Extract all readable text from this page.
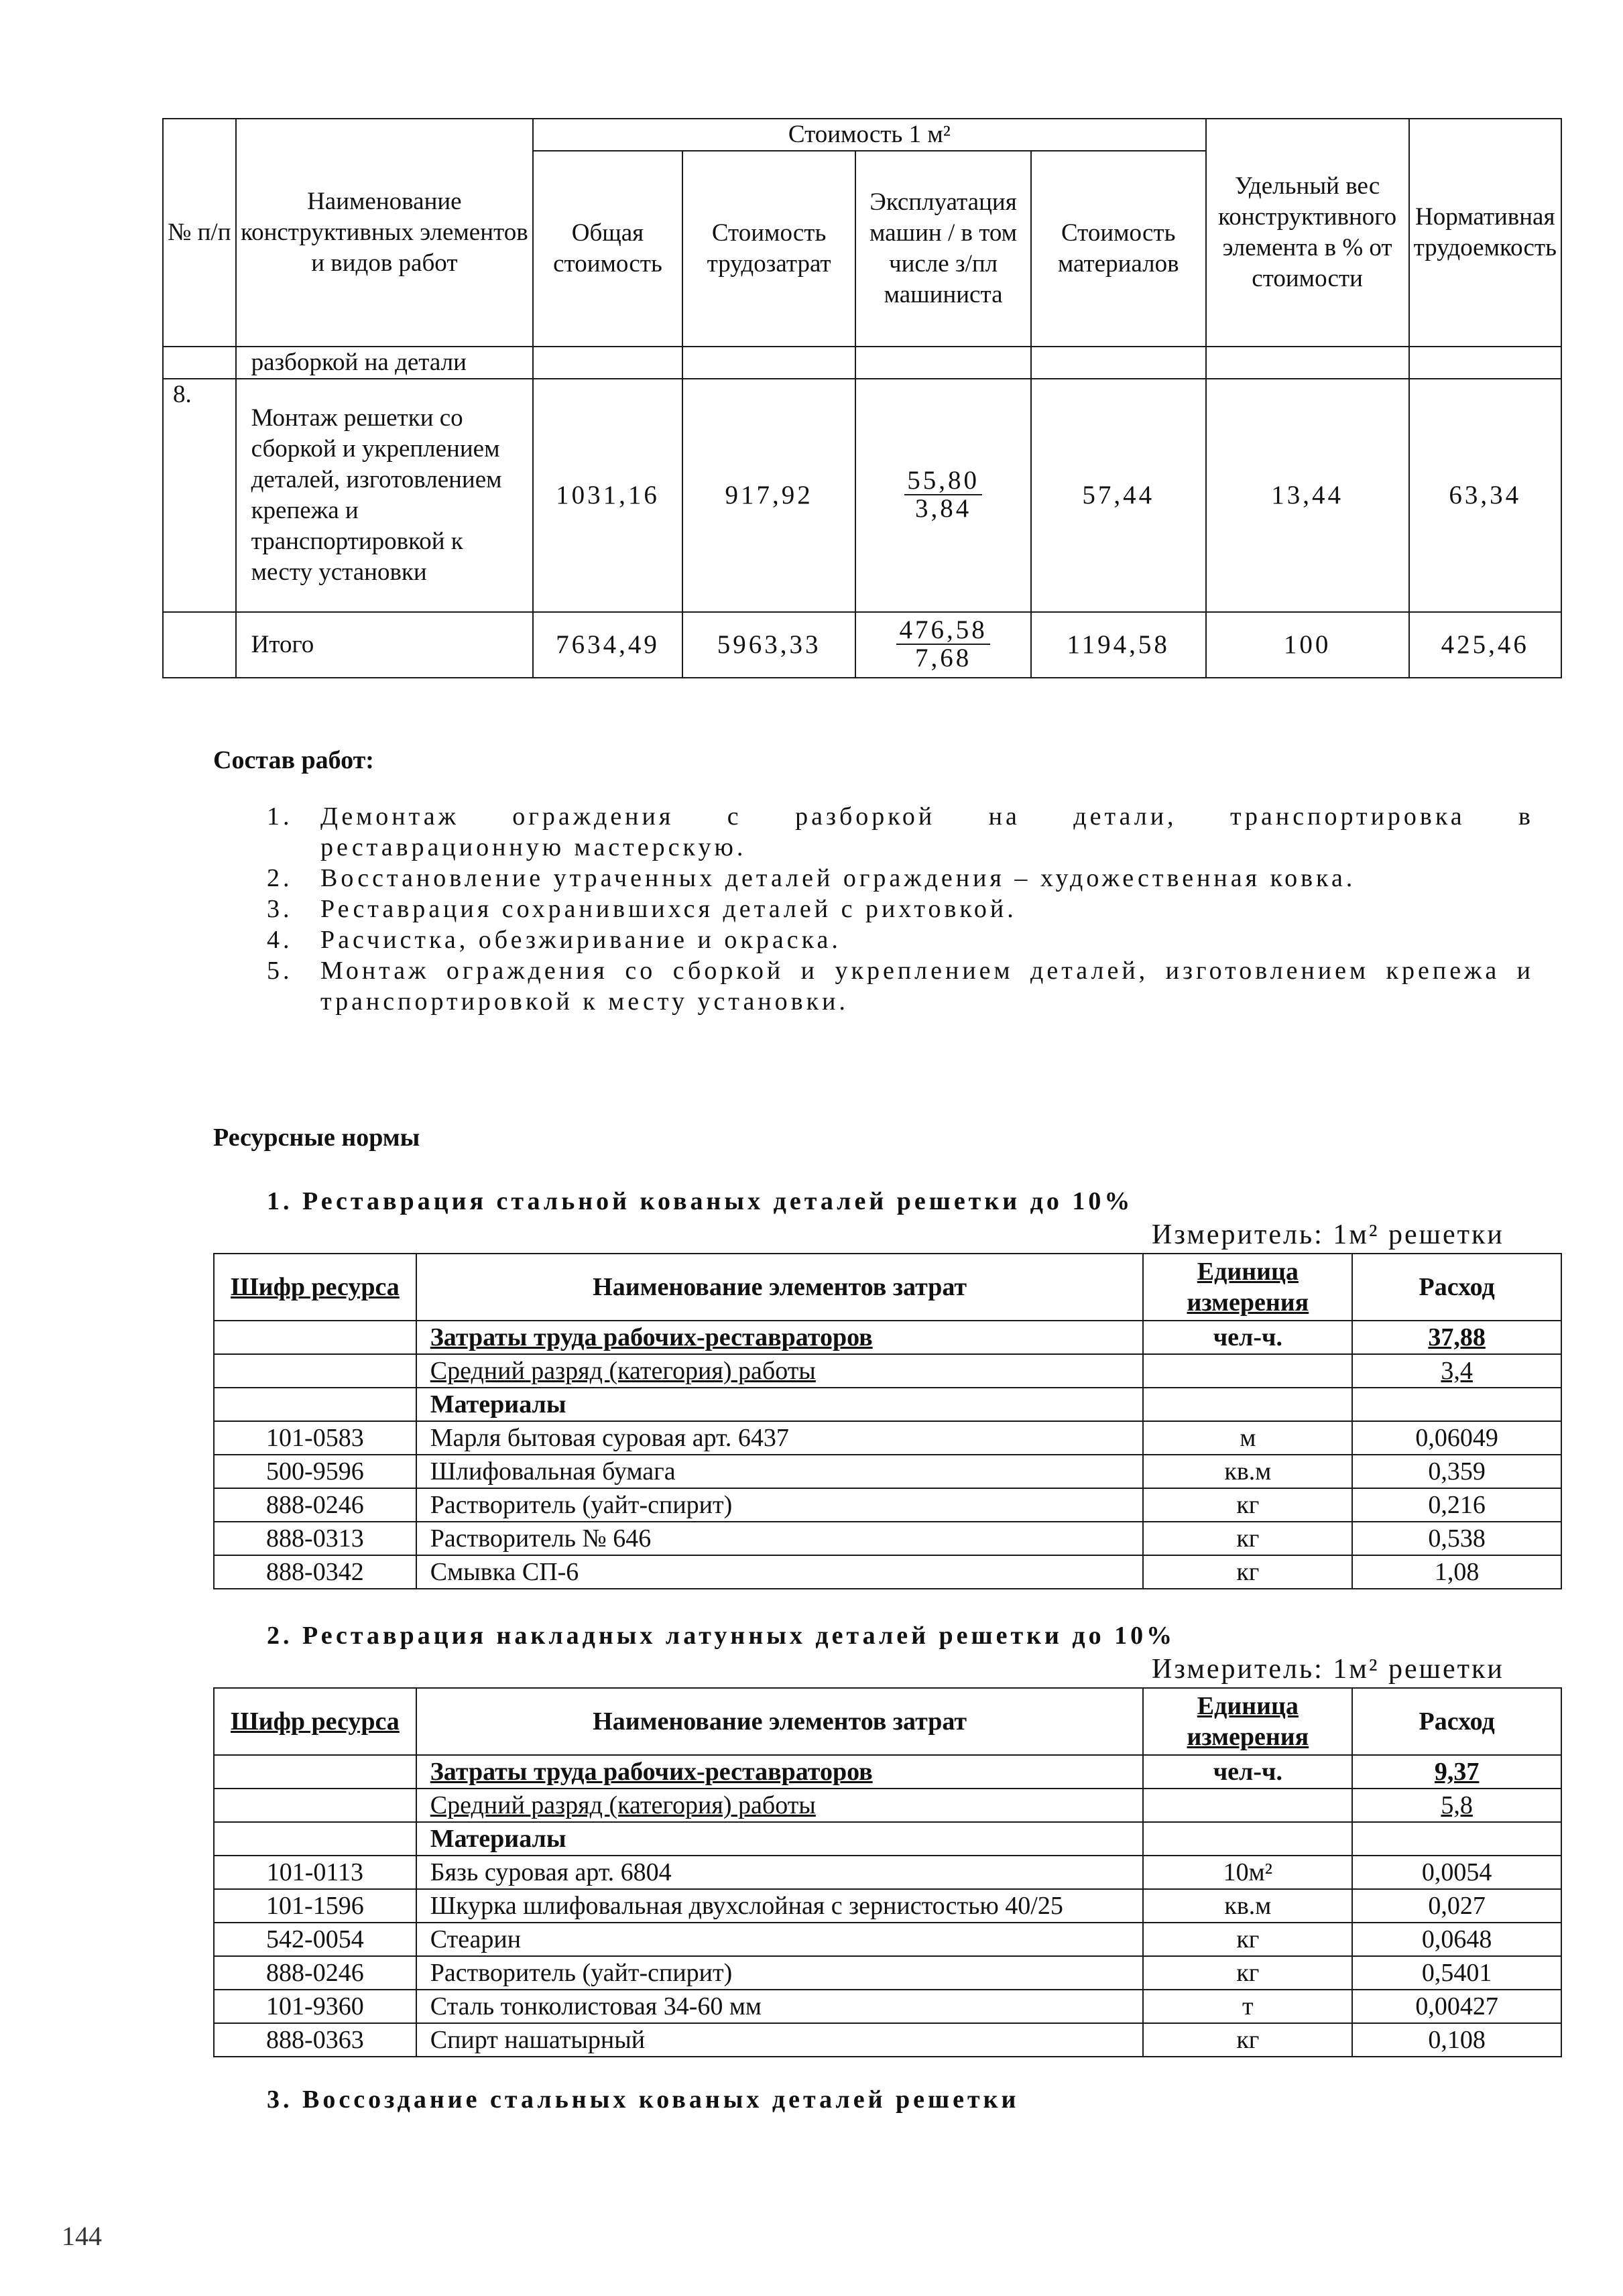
№ п/п	Наименование конструктивных элементов и видов работ	Стоимость 1 м²				Удельный вес конструктивного элемента в % от стоимости	Нормативная трудоемкость
		Общая стоимость	Стоимость трудозатрат	Эксплуатация машин / в том числе з/пл машиниста	Стоимость материалов		
	разборкой на детали						
8.	Монтаж решетки со сборкой и укреплением деталей, изготовлением крепежа и транспортировкой к месту установки	1031,16	917,92	$\frac{55,80}{3,84}$	57,44	13,44	63,34
	Итого	7634,49	5963,33	$\frac{476,58}{7,68}$	1194,58	100	425,46
Состав работ:
1. Демонтаж ограждения с разборкой на детали, транспортировка в
реставрационную мастерскую.
2. Восстановление утраченных деталей ограждения – художественная ковка.
3. Реставрация сохранившихся деталей с рихтовкой.
4. Расчистка, обезжиривание и окраска.
5. Монтаж ограждения со сборкой и укреплением деталей, изготовлением крепежа и транспортировкой к месту установки.
Ресурсные нормы
1. Реставрация стальной кованых деталей решетки до 10%
Измеритель: 1м² решетки
Шифр ресурса	Наименование элементов затрат	Единица измерения	Расход
	Затраты труда рабочих-реставраторов	чел-ч.	37,88
	Средний разряд (категория) работы		3,4
	Материалы		
101-0583	Марля бытовая суровая арт. 6437	м	0,06049
500-9596	Шлифовальная бумага	кв.м	0,359
888-0246	Растворитель (уайт-спирит)	кг	0,216
888-0313	Растворитель № 646	кг	0,538
888-0342	Смывка СП-6	кг	1,08
2. Реставрация накладных латунных деталей решетки до 10%
Измеритель: 1м² решетки
Шифр ресурса	Наименование элементов затрат	Единица измерения	Расход
	Затраты труда рабочих-реставраторов	чел-ч.	9,37
	Средний разряд (категория) работы		5,8
	Материалы		
101-0113	Бязь суровая арт. 6804	10м²	0,0054
101-1596	Шкурка шлифовальная двухслойная с зернистостью 40/25	кв.м	0,027
542-0054	Стеарин	кг	0,0648
888-0246	Растворитель (уайт-спирит)	кг	0,5401
101-9360	Сталь тонколистовая 34-60 мм	т	0,00427
888-0363	Спирт нашатырный	кг	0,108
3. Воссоздание стальных кованых деталей решетки
144
